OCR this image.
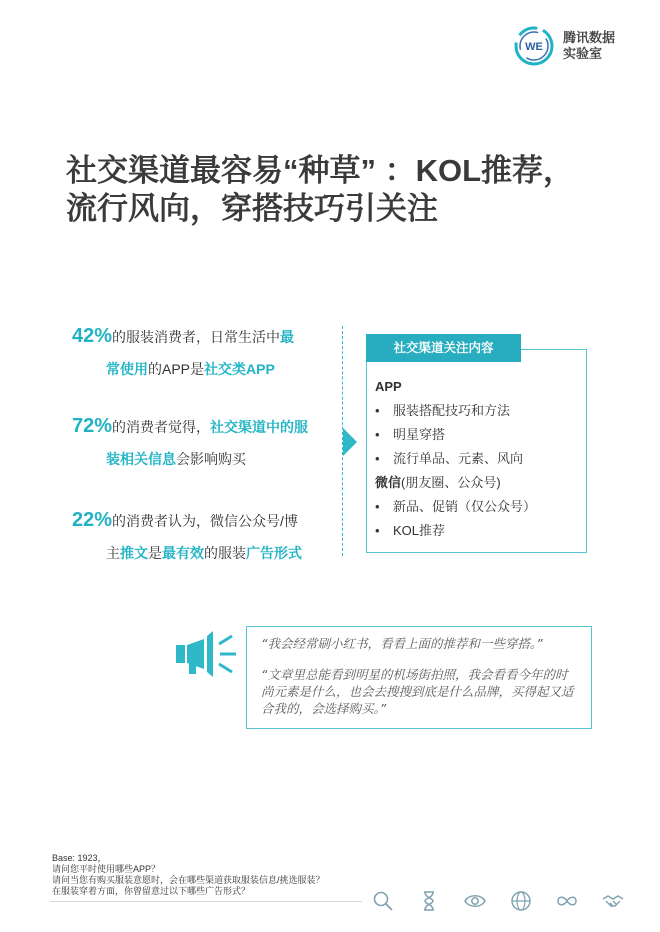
WE
腾讯数据
实验室
社交渠道最容易“种草” ：KOL推荐，
流行风向，穿搭技巧引关注
42%的服装消费者，日常生活中最
常使用的APP是社交类APP
72%的消费者觉得，社交渠道中的服
装相关信息会影响购买
22%的消费者认为，微信公众号/博
主推文是最有效的服装广告形式
社交渠道关注内容
APP
• 服装搭配技巧和方法
• 明星穿搭
• 流行单品、元素、风向
微信(朋友圈、公众号)
• 新品、促销（仅公众号）
• KOL推荐
“我会经常刷小红书，看看上面的推荐和一些穿搭。”
“文章里总能看到明星的机场街拍照，我会看看今年的时尚元素是什么，也会去搜搜到底是什么品牌，买得起又适合我的，会选择购买。”
Base: 1923，
请问您平时使用哪些APP？
请问当您有购买服装意愿时，会在哪些渠道获取服装信息/挑选服装？
在服装穿着方面，你曾留意过以下哪些广告形式？
